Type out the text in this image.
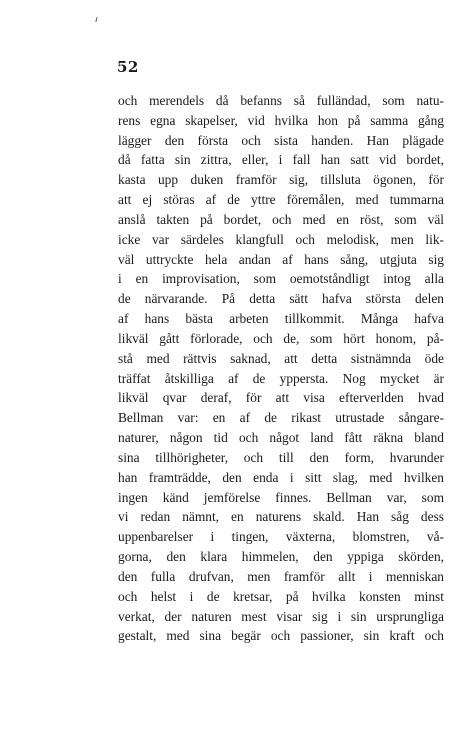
52
och merendels då befanns så fulländad, som natu-
rens egna skapelser, vid hvilka hon på samma gång
lägger den första och sista handen. Han plägade
då fatta sin zittra, eller, i fall han satt vid bordet,
kasta upp duken framför sig, tillsluta ögonen, för
att ej störas af de yttre föremålen, med tummarna
anslå takten på bordet, och med en röst, som väl
icke var särdeles klangfull och melodisk, men lik-
väl uttryckte hela andan af hans sång, utgjuta sig
i en improvisation, som oemotståndligt intog alla
de närvarande. På detta sätt hafva största delen
af hans bästa arbeten tillkommit. Många hafva
likväl gått förlorade, och de, som hört honom, på-
stå med rättvis saknad, att detta sistnämnda öde
träffat åtskilliga af de yppersta. Nog mycket är
likväl qvar deraf, för att visa efterverlden hvad
Bellman var: en af de rikast utrustade sångare-
naturer, någon tid och något land fått räkna bland
sina tillhörigheter, och till den form, hvarunder
han framträdde, den enda i sitt slag, med hvilken
ingen känd jemförelse finnes. Bellman var, som
vi redan nämnt, en naturens skald. Han såg dess
uppenbarelser i tingen, växterna, blomstren, vå-
gorna, den klara himmelen, den yppiga skörden,
den fulla drufvan, men framför allt i menniskan
och helst i de kretsar, på hvilka konsten minst
verkat, der naturen mest visar sig i sin ursprungliga
gestalt, med sina begär och passioner, sin kraft och
